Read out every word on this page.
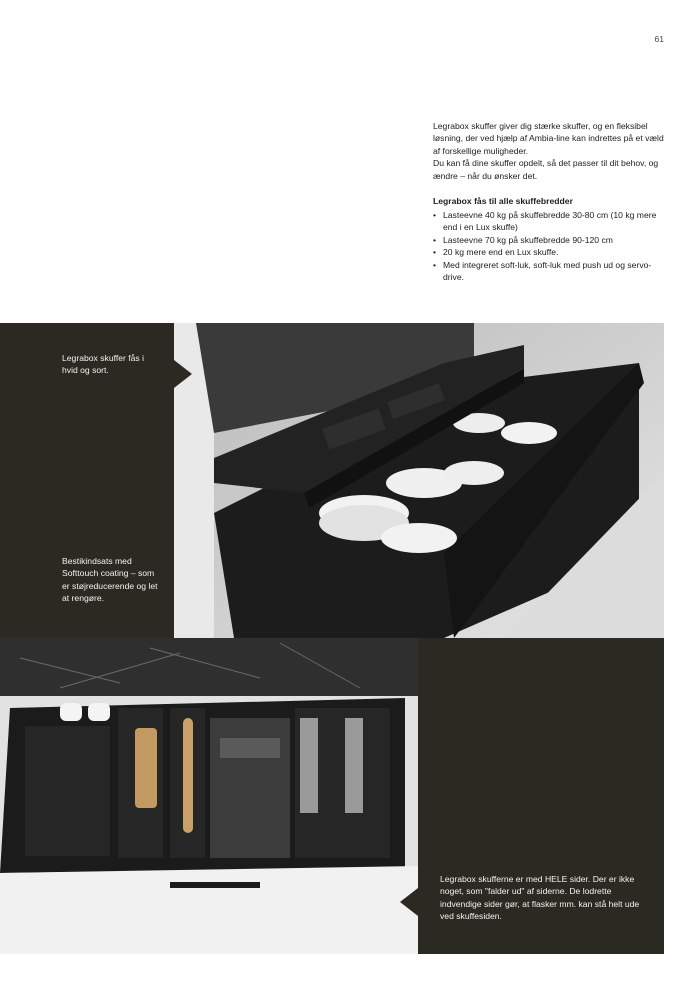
61

Legrabox skuffer giver dig stærke skuffer, og en fleksibel løsning, der ved hjælp af Ambia-line kan indrettes på et væld af forskellige muligheder.

Du kan få dine skuffer opdelt, så det passer til dit behov, og ændre – når du ønsker det.

Legrabox fås til alle skuffebredder
• Lasteevne 40 kg på skuffebredde 30-80 cm (10 kg mere end i en Lux skuffe)
• Lasteevne 70 kg på skuffebredde 90-120 cm
• 20 kg mere end en Lux skuffe.
• Med integreret soft-luk, soft-luk med push ud og servo-drive.
Legrabox skuffer fås i hvid og sort.
Bestikindsats med Softtouch coating – som er støjreducerende og let at rengøre.
Legrabox skufferne er med HELE sider. Der er ikke noget, som "falder ud" af siderne. De lodrette indvendige sider gør, at flasker mm. kan stå helt ude ved skuffesiden.
